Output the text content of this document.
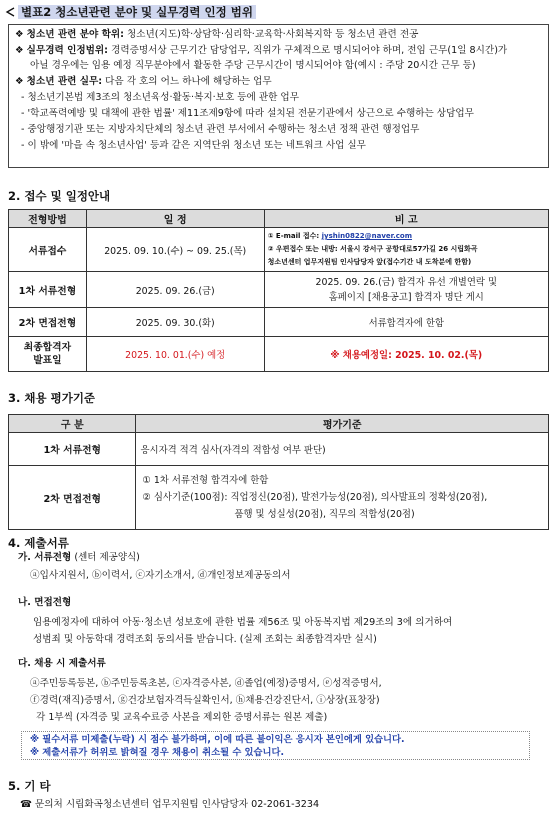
별표2 청소년관련 분야 및 실무경력 인정 범위
❖ 청소년 관련 분야 학위: 청소년(지도)학·상담학·심리학·교육학·사회복지학 등 청소년 관련 전공
❖ 실무경력 인정범위: 경력증명서상 근무기간 담당업무, 직위가 구체적으로 명시되어야 하며, 전임 근무(1일 8시간)가
아닐 경우에는 임용 예정 직무분야에서 활동한 주당 근무시간이 명시되어야 함(예시 : 주당 20시간 근무 등)
❖ 청소년 관련 실무: 다음 각 호의 어느 하나에 해당하는 업무
- 청소년기본법 제3조의 청소년육성·활동·복지·보호 등에 관한 업무
- '학교폭력예방 및 대책에 관한 법률' 제11조제9항에 따라 설치된 전문기관에서 상근으로 수행하는 상담업무
- 중앙행정기관 또는 지방자치단체의 청소년 관련 부서에서 수행하는 청소년 정책 관련 행정업무
- 이 밖에 '마을 속 청소년사업' 등과 같은 지역단위 청소년 또는 네트워크 사업 실무
2. 접수 및 일정안내
전형방법	일 정	비 고
서류접수	2025. 09. 10.(수) ~ 09. 25.(목)	① E-mail 접수: jyshin0822@naver.com
② 우편접수 또는 내방: 서울시 강서구 공항대로57가길 26 시립화곡
청소년센터 업무지원팀 인사담당자 앞(접수기간 내 도착분에 한함)

1차 서류전형	2025. 09. 26.(금)	2025. 09. 26.(금) 합격자 유선 개별연락 및
홈페이지 [채용공고] 합격자 명단 게시

2차 면접전형	2025. 09. 30.(화)	서류합격자에 한함

최종합격자
발표일	2025. 10. 01.(수) 예정	※ 채용예정일: 2025. 10. 02.(목)
3. 채용 평가기준
구 분	평가기준
1차 서류전형	응시자격 적격 심사(자격의 적합성 여부 판단)
2차 면접전형	① 1차 서류전형 합격자에 한함
② 심사기준(100점): 직업정신(20점), 발전가능성(20점), 의사발표의 정확성(20점),
품행 및 성실성(20점), 직무의 적합성(20점)
4. 제출서류
가. 서류전형 (센터 제공양식)
ⓐ입사지원서, ⓑ이력서, ⓒ자기소개서, ⓓ개인정보제공동의서
나. 면접전형
임용예정자에 대하여 아동·청소년 성보호에 관한 법률 제56조 및 아동복지법 제29조의 3에 의거하여
성범죄 및 아동학대 경력조회 동의서를 받습니다. (실제 조회는 최종합격자만 실시)
다. 채용 시 제출서류
ⓐ주민등록등본, ⓑ주민등록초본, ⓒ자격증사본, ⓓ졸업(예정)증명서, ⓔ성적증명서,
ⓕ경력(재직)증명서, ⓖ건강보험자격득실확인서, ⓗ채용건강진단서, ⓘ상장(표창장)
각 1부씩 (자격증 및 교육수료증 사본을 제외한 증명서류는 원본 제출)
※ 필수서류 미제출(누락) 시 점수 불가하며, 이에 따른 불이익은 응시자 본인에게 있습니다.
※ 제출서류가 허위로 밝혀질 경우 채용이 취소될 수 있습니다.
5. 기 타
☎ 문의처 시립화곡청소년센터 업무지원팀 인사담당자 02-2061-3234
